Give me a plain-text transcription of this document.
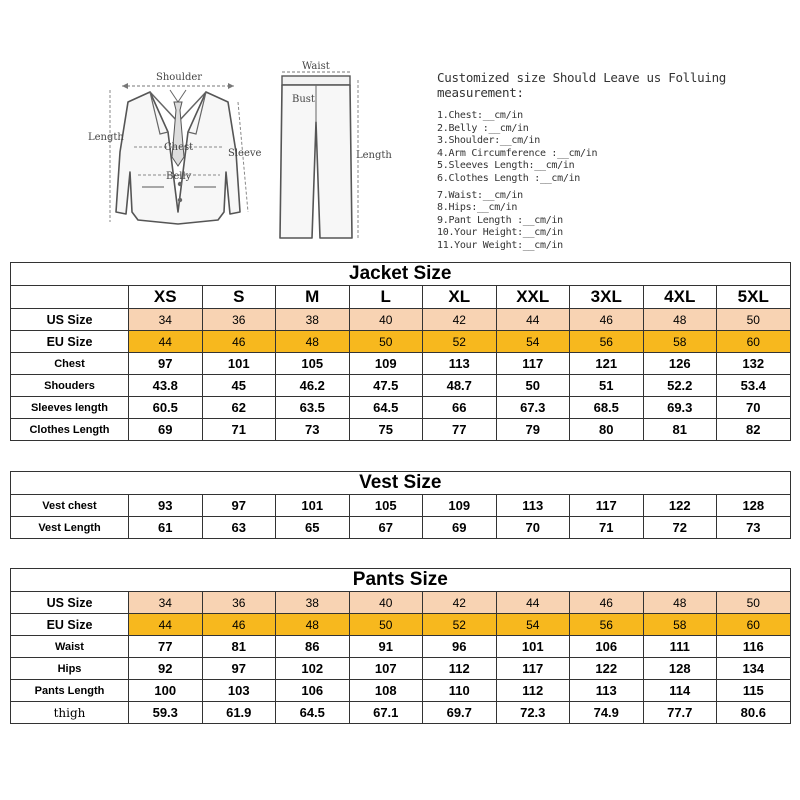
Shoulder
Length
Chest
Sleeve
Belly
Waist
Bust
Length
Customized size Should Leave us Folluing measurement:
1.Chest:__cm/in
2.Belly :__cm/in
3.Shoulder:__cm/in
4.Arm Circumference :__cm/in
5.Sleeves Length:__cm/in
6.Clothes Length :__cm/in
7.Waist:__cm/in
8.Hips:__cm/in
9.Pant Length :__cm/in
10.Your Height:__cm/in
11.Your Weight:__cm/in
Jacket Size									
	XS	S	M	L	XL	XXL	3XL	4XL	5XL
US Size	34	36	38	40	42	44	46	48	50
EU Size	44	46	48	50	52	54	56	58	60
Chest	97	101	105	109	113	117	121	126	132
Shouders	43.8	45	46.2	47.5	48.7	50	51	52.2	53.4
Sleeves length	60.5	62	63.5	64.5	66	67.3	68.5	69.3	70
Clothes Length	69	71	73	75	77	79	80	81	82
Vest Size									
Vest chest	93	97	101	105	109	113	117	122	128
Vest Length	61	63	65	67	69	70	71	72	73
Pants Size									
US Size	34	36	38	40	42	44	46	48	50
EU Size	44	46	48	50	52	54	56	58	60
Waist	77	81	86	91	96	101	106	111	116
Hips	92	97	102	107	112	117	122	128	134
Pants Length	100	103	106	108	110	112	113	114	115
thigh	59.3	61.9	64.5	67.1	69.7	72.3	74.9	77.7	80.6
